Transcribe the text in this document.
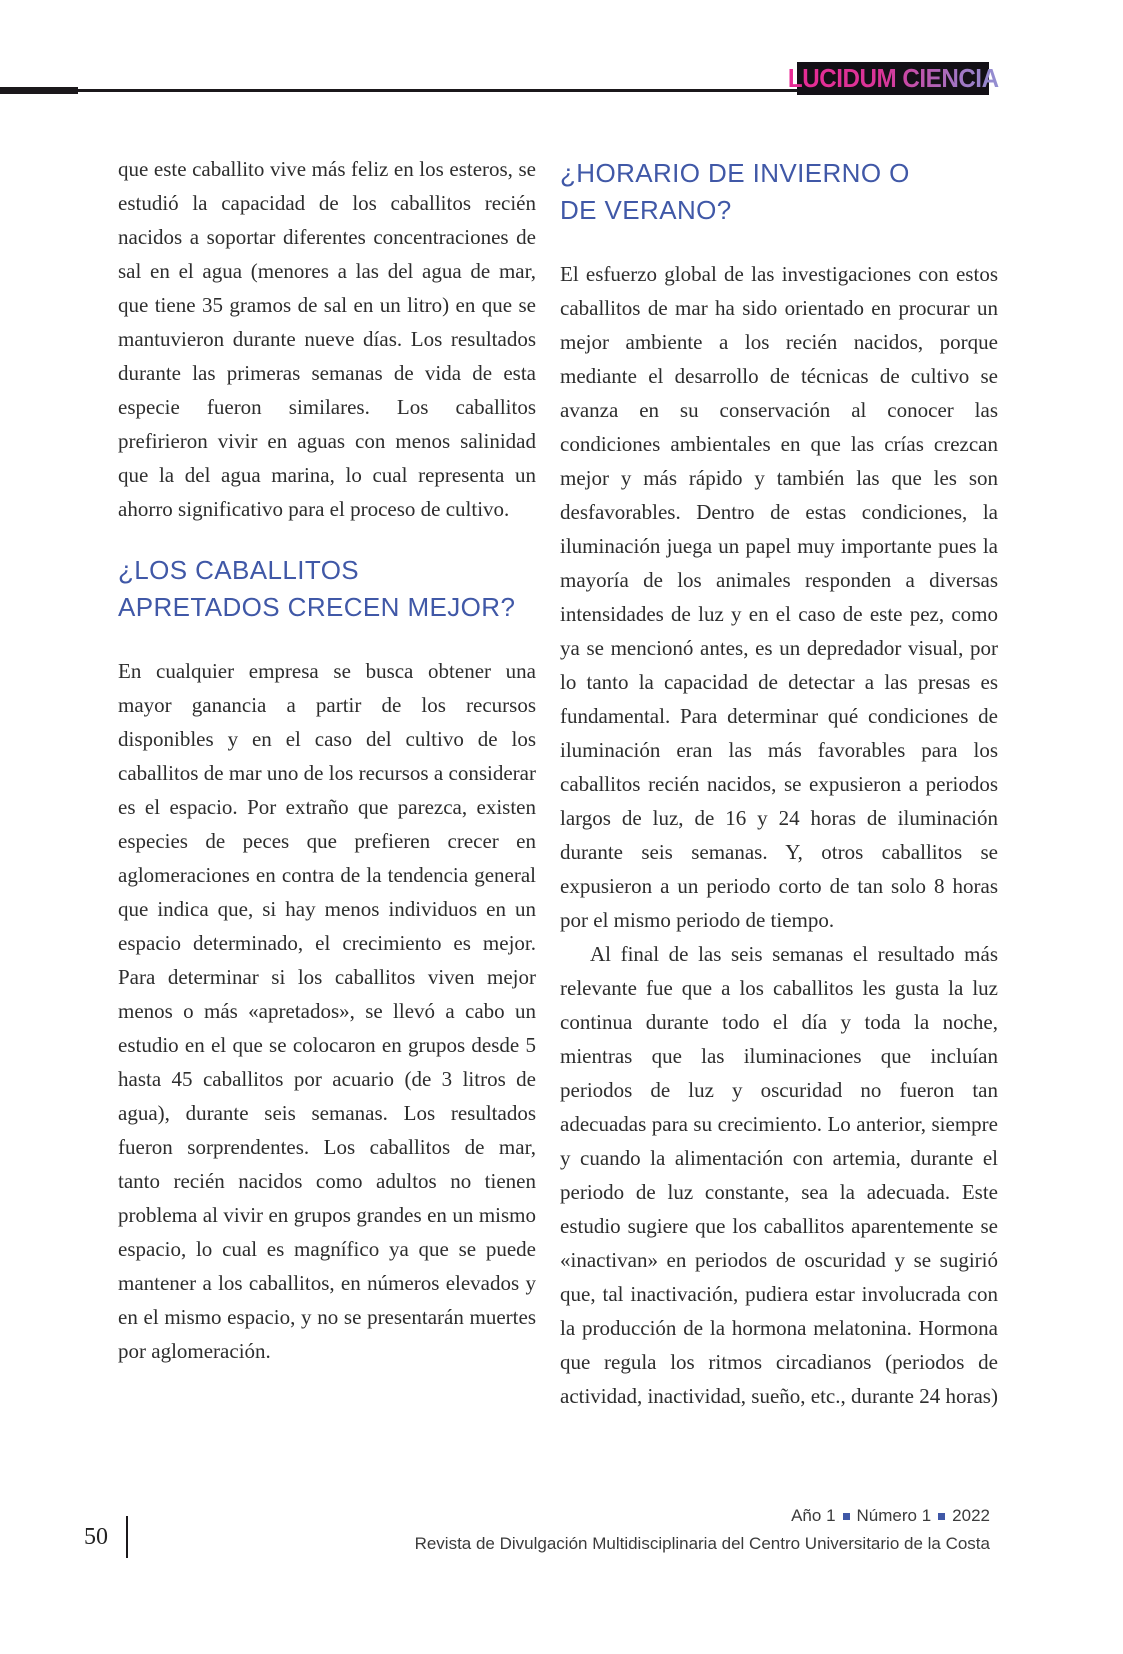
LUCIDUM CIENCIA

que este caballito vive más feliz en los esteros, se estudió la capacidad de los caballitos recién nacidos a soportar diferentes concentraciones de sal en el agua (menores a las del agua de mar, que tiene 35 gramos de sal en un litro) en que se mantuvieron durante nueve días. Los resultados durante las primeras semanas de vida de esta especie fueron similares. Los caballitos prefirieron vivir en aguas con menos salinidad que la del agua marina, lo cual representa un ahorro significativo para el proceso de cultivo.

¿LOS CABALLITOS APRETADOS CRECEN MEJOR?

En cualquier empresa se busca obtener una mayor ganancia a partir de los recursos disponibles y en el caso del cultivo de los caballitos de mar uno de los recursos a considerar es el espacio. Por extraño que parezca, existen especies de peces que prefieren crecer en aglomeraciones en contra de la tendencia general que indica que, si hay menos individuos en un espacio determinado, el crecimiento es mejor. Para determinar si los caballitos viven mejor menos o más «apretados», se llevó a cabo un estudio en el que se colocaron en grupos desde 5 hasta 45 caballitos por acuario (de 3 litros de agua), durante seis semanas. Los resultados fueron sorprendentes. Los caballitos de mar, tanto recién nacidos como adultos no tienen problema al vivir en grupos grandes en un mismo espacio, lo cual es magnífico ya que se puede mantener a los caballitos, en números elevados y en el mismo espacio, y no se presentarán muertes por aglomeración.

¿HORARIO DE INVIERNO O DE VERANO?

El esfuerzo global de las investigaciones con estos caballitos de mar ha sido orientado en procurar un mejor ambiente a los recién nacidos, porque mediante el desarrollo de técnicas de cultivo se avanza en su conservación al conocer las condiciones ambientales en que las crías crezcan mejor y más rápido y también las que les son desfavorables. Dentro de estas condiciones, la iluminación juega un papel muy importante pues la mayoría de los animales responden a diversas intensidades de luz y en el caso de este pez, como ya se mencionó antes, es un depredador visual, por lo tanto la capacidad de detectar a las presas es fundamental. Para determinar qué condiciones de iluminación eran las más favorables para los caballitos recién nacidos, se expusieron a periodos largos de luz, de 16 y 24 horas de iluminación durante seis semanas. Y, otros caballitos se expusieron a un periodo corto de tan solo 8 horas por el mismo periodo de tiempo.

Al final de las seis semanas el resultado más relevante fue que a los caballitos les gusta la luz continua durante todo el día y toda la noche, mientras que las iluminaciones que incluían periodos de luz y oscuridad no fueron tan adecuadas para su crecimiento. Lo anterior, siempre y cuando la alimentación con artemia, durante el periodo de luz constante, sea la adecuada. Este estudio sugiere que los caballitos aparentemente se «inactivan» en periodos de oscuridad y se sugirió que, tal inactivación, pudiera estar involucrada con la producción de la hormona melatonina. Hormona que regula los ritmos circadianos (periodos de actividad, inactividad, sueño, etc., durante 24 horas)

50
Año 1 Número 1 2022
Revista de Divulgación Multidisciplinaria del Centro Universitario de la Costa
